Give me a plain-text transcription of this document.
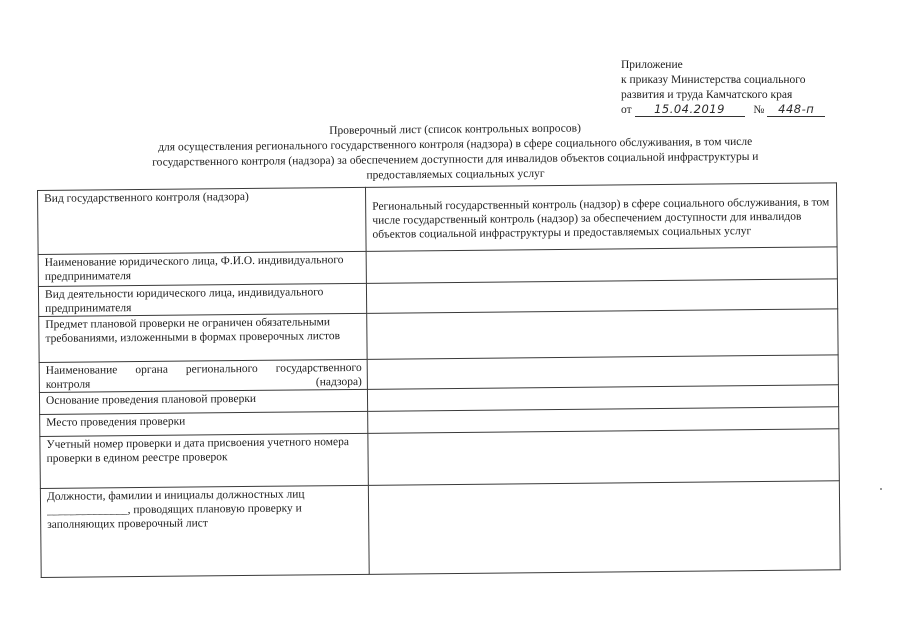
Приложение
к приказу Министерства социального
развития и труда Камчатского края
от 15.04.2019 № 448-п
Проверочный лист (список контрольных вопросов)
для осуществления регионального государственного контроля (надзора) в сфере социального обслуживания, в том числе
государственного контроля (надзора) за обеспечением доступности для инвалидов объектов социальной инфраструктуры и
предоставляемых социальных услуг
Вид государственного контроля (надзора)	Региональный государственный контроль (надзор) в сфере социального обслуживания, в том числе государственный контроль (надзор) за обеспечением доступности для инвалидов объектов социальной инфраструктуры и предоставляемых социальных услуг
Наименование юридического лица, Ф.И.О. индивидуального предпринимателя	
Вид деятельности юридического лица, индивидуального предпринимателя	
Предмет плановой проверки не ограничен обязательными требованиями, изложенными в формах проверочных листов	

Наименование органа регионального государственного контроля (надзора)	

Основание проведения плановой проверки	
Место проведения проверки	
Учетный номер проверки и дата присвоения учетного номера проверки в едином реестре проверок	
Должности, фамилии и инициалы должностных лиц ______________, проводящих плановую проверку и заполняющих проверочный лист	
